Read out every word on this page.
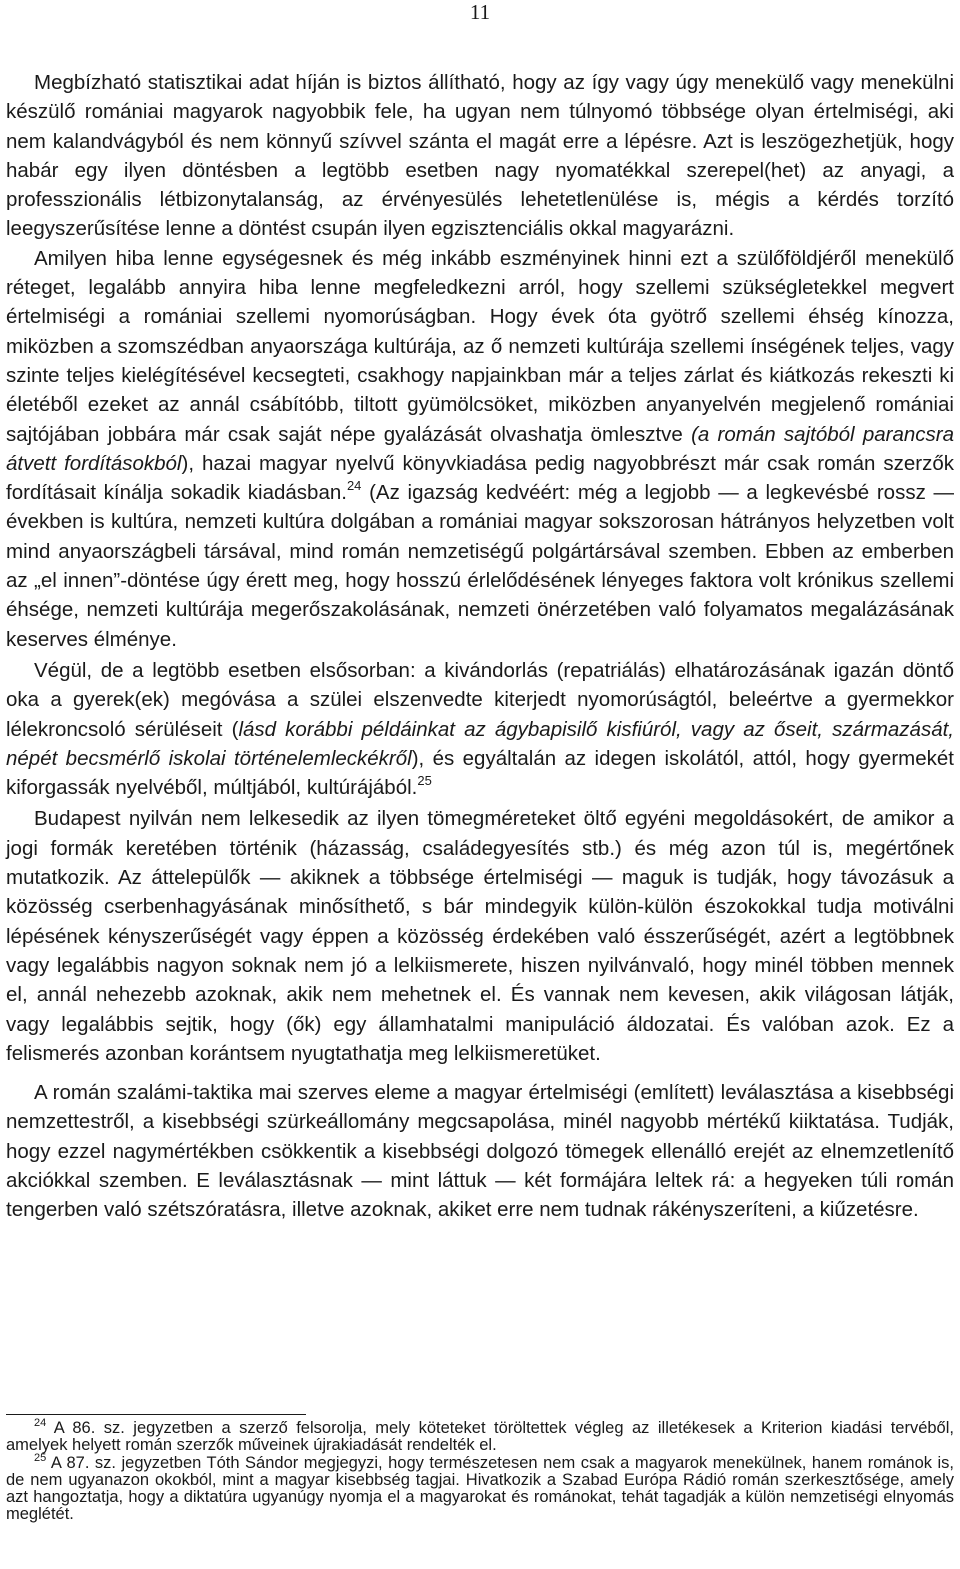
11

Megbízható statisztikai adat híján is biztos állítható, hogy az így vagy úgy menekülő vagy menekülni készülő romániai magyarok nagyobbik fele, ha ugyan nem túlnyomó többsége olyan értelmiségi, aki nem kalandvágyból és nem könnyű szívvel szánta el magát erre a lépésre. Azt is leszögezhetjük, hogy habár egy ilyen döntésben a legtöbb esetben nagy nyomatékkal szerepel(het) az anyagi, a professzionális létbizonytalanság, az érvényesülés lehetetlenülése is, mégis a kérdés torzító leegyszerűsítése lenne a döntést csupán ilyen egzisztenciális okkal magyarázni.

Amilyen hiba lenne egységesnek és még inkább eszményinek hinni ezt a szülőföldjéről menekülő réteget, legalább annyira hiba lenne megfeledkezni arról, hogy szellemi szükségletekkel megvert értelmiségi a romániai szellemi nyomorúságban. Hogy évek óta gyötrő szellemi éhség kínozza, miközben a szomszédban anyaországa kultúrája, az ő nemzeti kultúrája szellemi ínségének teljes, vagy szinte teljes kielégítésével kecsegteti, csakhogy napjainkban már a teljes zárlat és kiátkozás rekeszti ki életéből ezeket az annál csábítóbb, tiltott gyümölcsöket, miközben anyanyelvén megjelenő romániai sajtójában jobbára már csak saját népe gyalázását olvashatja ömlesztve (a román sajtóból parancsra átvett fordításokból), hazai magyar nyelvű könyvkiadása pedig nagyobbrészt már csak román szerzők fordításait kínálja sokadik kiadásban.$^{24}$ (Az igazság kedvéért: még a legjobb — a legkevésbé rossz — években is kultúra, nemzeti kultúra dolgában a romániai magyar sokszorosan hátrányos helyzetben volt mind anyaországbeli társával, mind román nemzetiségű polgártársával szemben. Ebben az emberben az „el innen”-döntése úgy érett meg, hogy hosszú érlelődésének lényeges faktora volt krónikus szellemi éhsége, nemzeti kultúrája megerőszakolásának, nemzeti önérzetében való folyamatos megalázásának keserves élménye.

Végül, de a legtöbb esetben elsősorban: a kivándorlás (repatriálás) elhatározásának igazán döntő oka a gyerek(ek) megóvása a szülei elszenvedte kiterjedt nyomorúságtól, beleértve a gyermekkor lélekroncsoló sérüléseit (lásd korábbi példáinkat az ágybapisilő kisfiúról, vagy az őseit, származását, népét becsmérlő iskolai történelemleckékről), és egyáltalán az idegen iskolától, attól, hogy gyermekét kiforgassák nyelvéből, múltjából, kultúrájából.$^{25}$

Budapest nyilván nem lelkesedik az ilyen tömegméreteket öltő egyéni megoldásokért, de amikor a jogi formák keretében történik (házasság, családegyesítés stb.) és még azon túl is, megértőnek mutatkozik. Az áttelepülők — akiknek a többsége értelmiségi — maguk is tudják, hogy távozásuk a közösség cserbenhagyásának minősíthető, s bár mindegyik külön-külön észokokkal tudja motiválni lépésének kényszerűségét vagy éppen a közösség érdekében való ésszerűségét, azért a legtöbbnek vagy legalábbis nagyon soknak nem jó a lelkiismerete, hiszen nyilvánvaló, hogy minél többen mennek el, annál nehezebb azoknak, akik nem mehetnek el. És vannak nem kevesen, akik világosan látják, vagy legalábbis sejtik, hogy (ők) egy államhatalmi manipuláció áldozatai. És valóban azok. Ez a felismerés azonban korántsem nyugtathatja meg lelkiismeretüket.

A román szalámi-taktika mai szerves eleme a magyar értelmiségi (említett) leválasztása a kisebbségi nemzettestről, a kisebbségi szürkeállomány megcsapolása, minél nagyobb mértékű kiiktatása. Tudják, hogy ezzel nagymértékben csökkentik a kisebbségi dolgozó tömegek ellenálló erejét az elnemzetlenítő akciókkal szemben. E leválasztásnak — mint láttuk — két formájára leltek rá: a hegyeken túli román tengerben való szétszóratásra, illetve azoknak, akiket erre nem tudnak rákényszeríteni, a kiűzetésre.

$^{24}$ A 86. sz. jegyzetben a szerző felsorolja, mely köteteket töröltettek végleg az illetékesek a Kriterion kiadási tervéből, amelyek helyett román szerzők műveinek újrakiadását rendelték el.

$^{25}$ A 87. sz. jegyzetben Tóth Sándor megjegyzi, hogy természetesen nem csak a magyarok menekülnek, hanem románok is, de nem ugyanazon okokból, mint a magyar kisebbség tagjai. Hivatkozik a Szabad Európa Rádió román szerkesztősége, amely azt hangoztatja, hogy a diktatúra ugyanúgy nyomja el a magyarokat és románokat, tehát tagadják a külön nemzetiségi elnyomás meglétét.
